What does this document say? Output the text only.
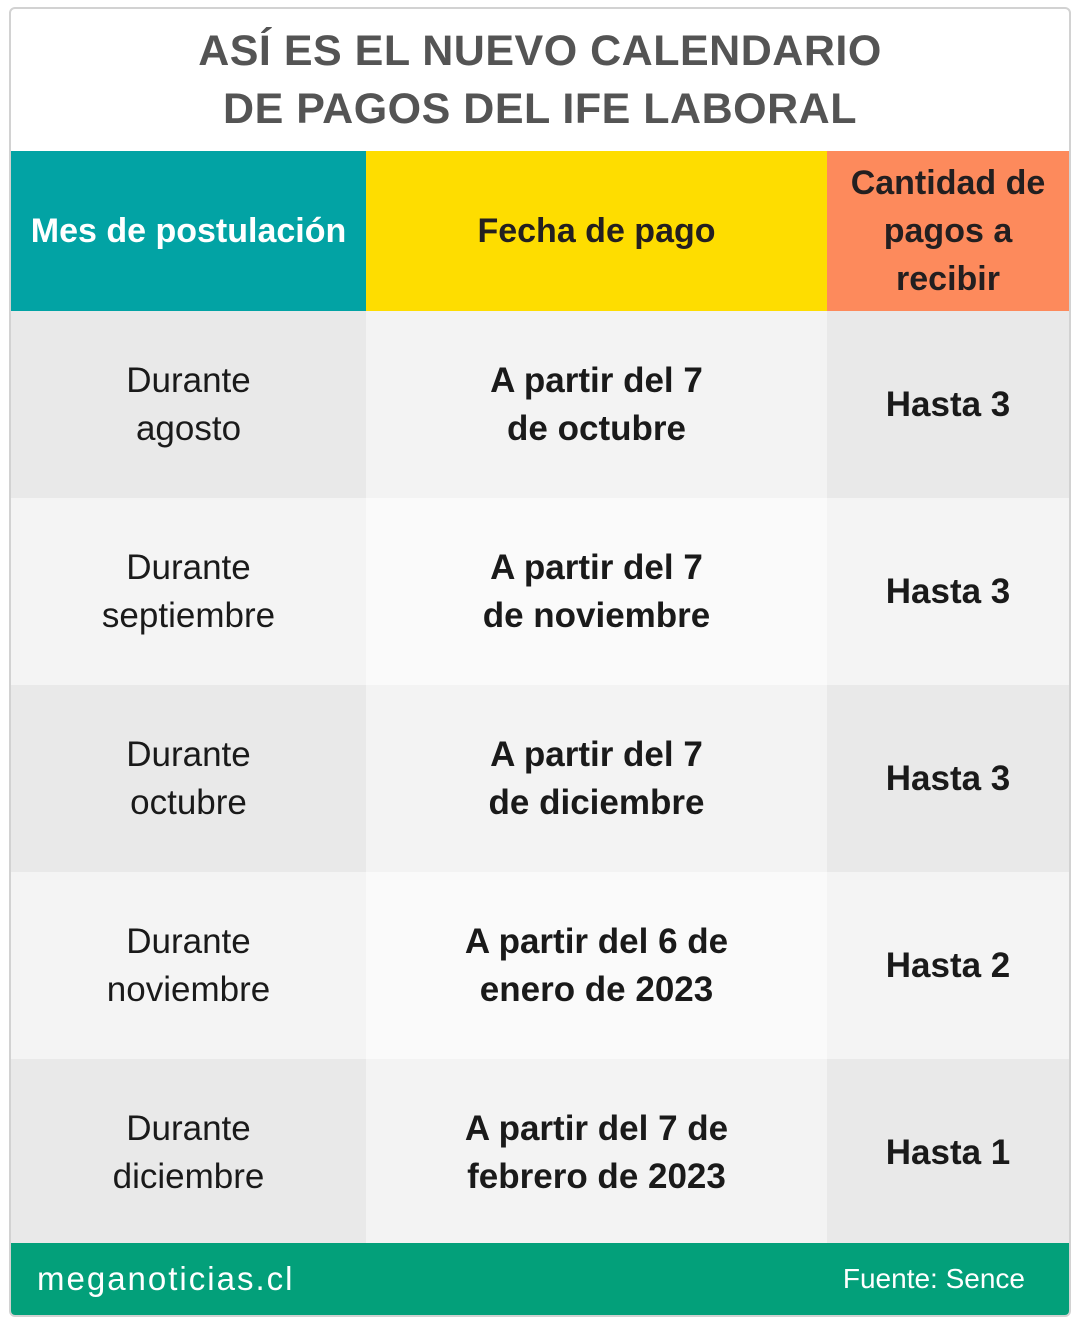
ASÍ ES EL NUEVO CALENDARIO
DE PAGOS DEL IFE LABORAL
Mes de postulación	Fecha de pago
Cantidad de pagos a recibir
Durante
agosto
A partir del 7
de octubre
Hasta 3
Durante
septiembre
A partir del 7
de noviembre
Hasta 3
Durante
octubre
A partir del 7
de diciembre
Hasta 3
Durante
noviembre
A partir del 6 de
enero de 2023
Hasta 2
Durante
diciembre
A partir del 7 de
febrero de 2023
Hasta 1
meganoticias.cl	Fuente: Sence
